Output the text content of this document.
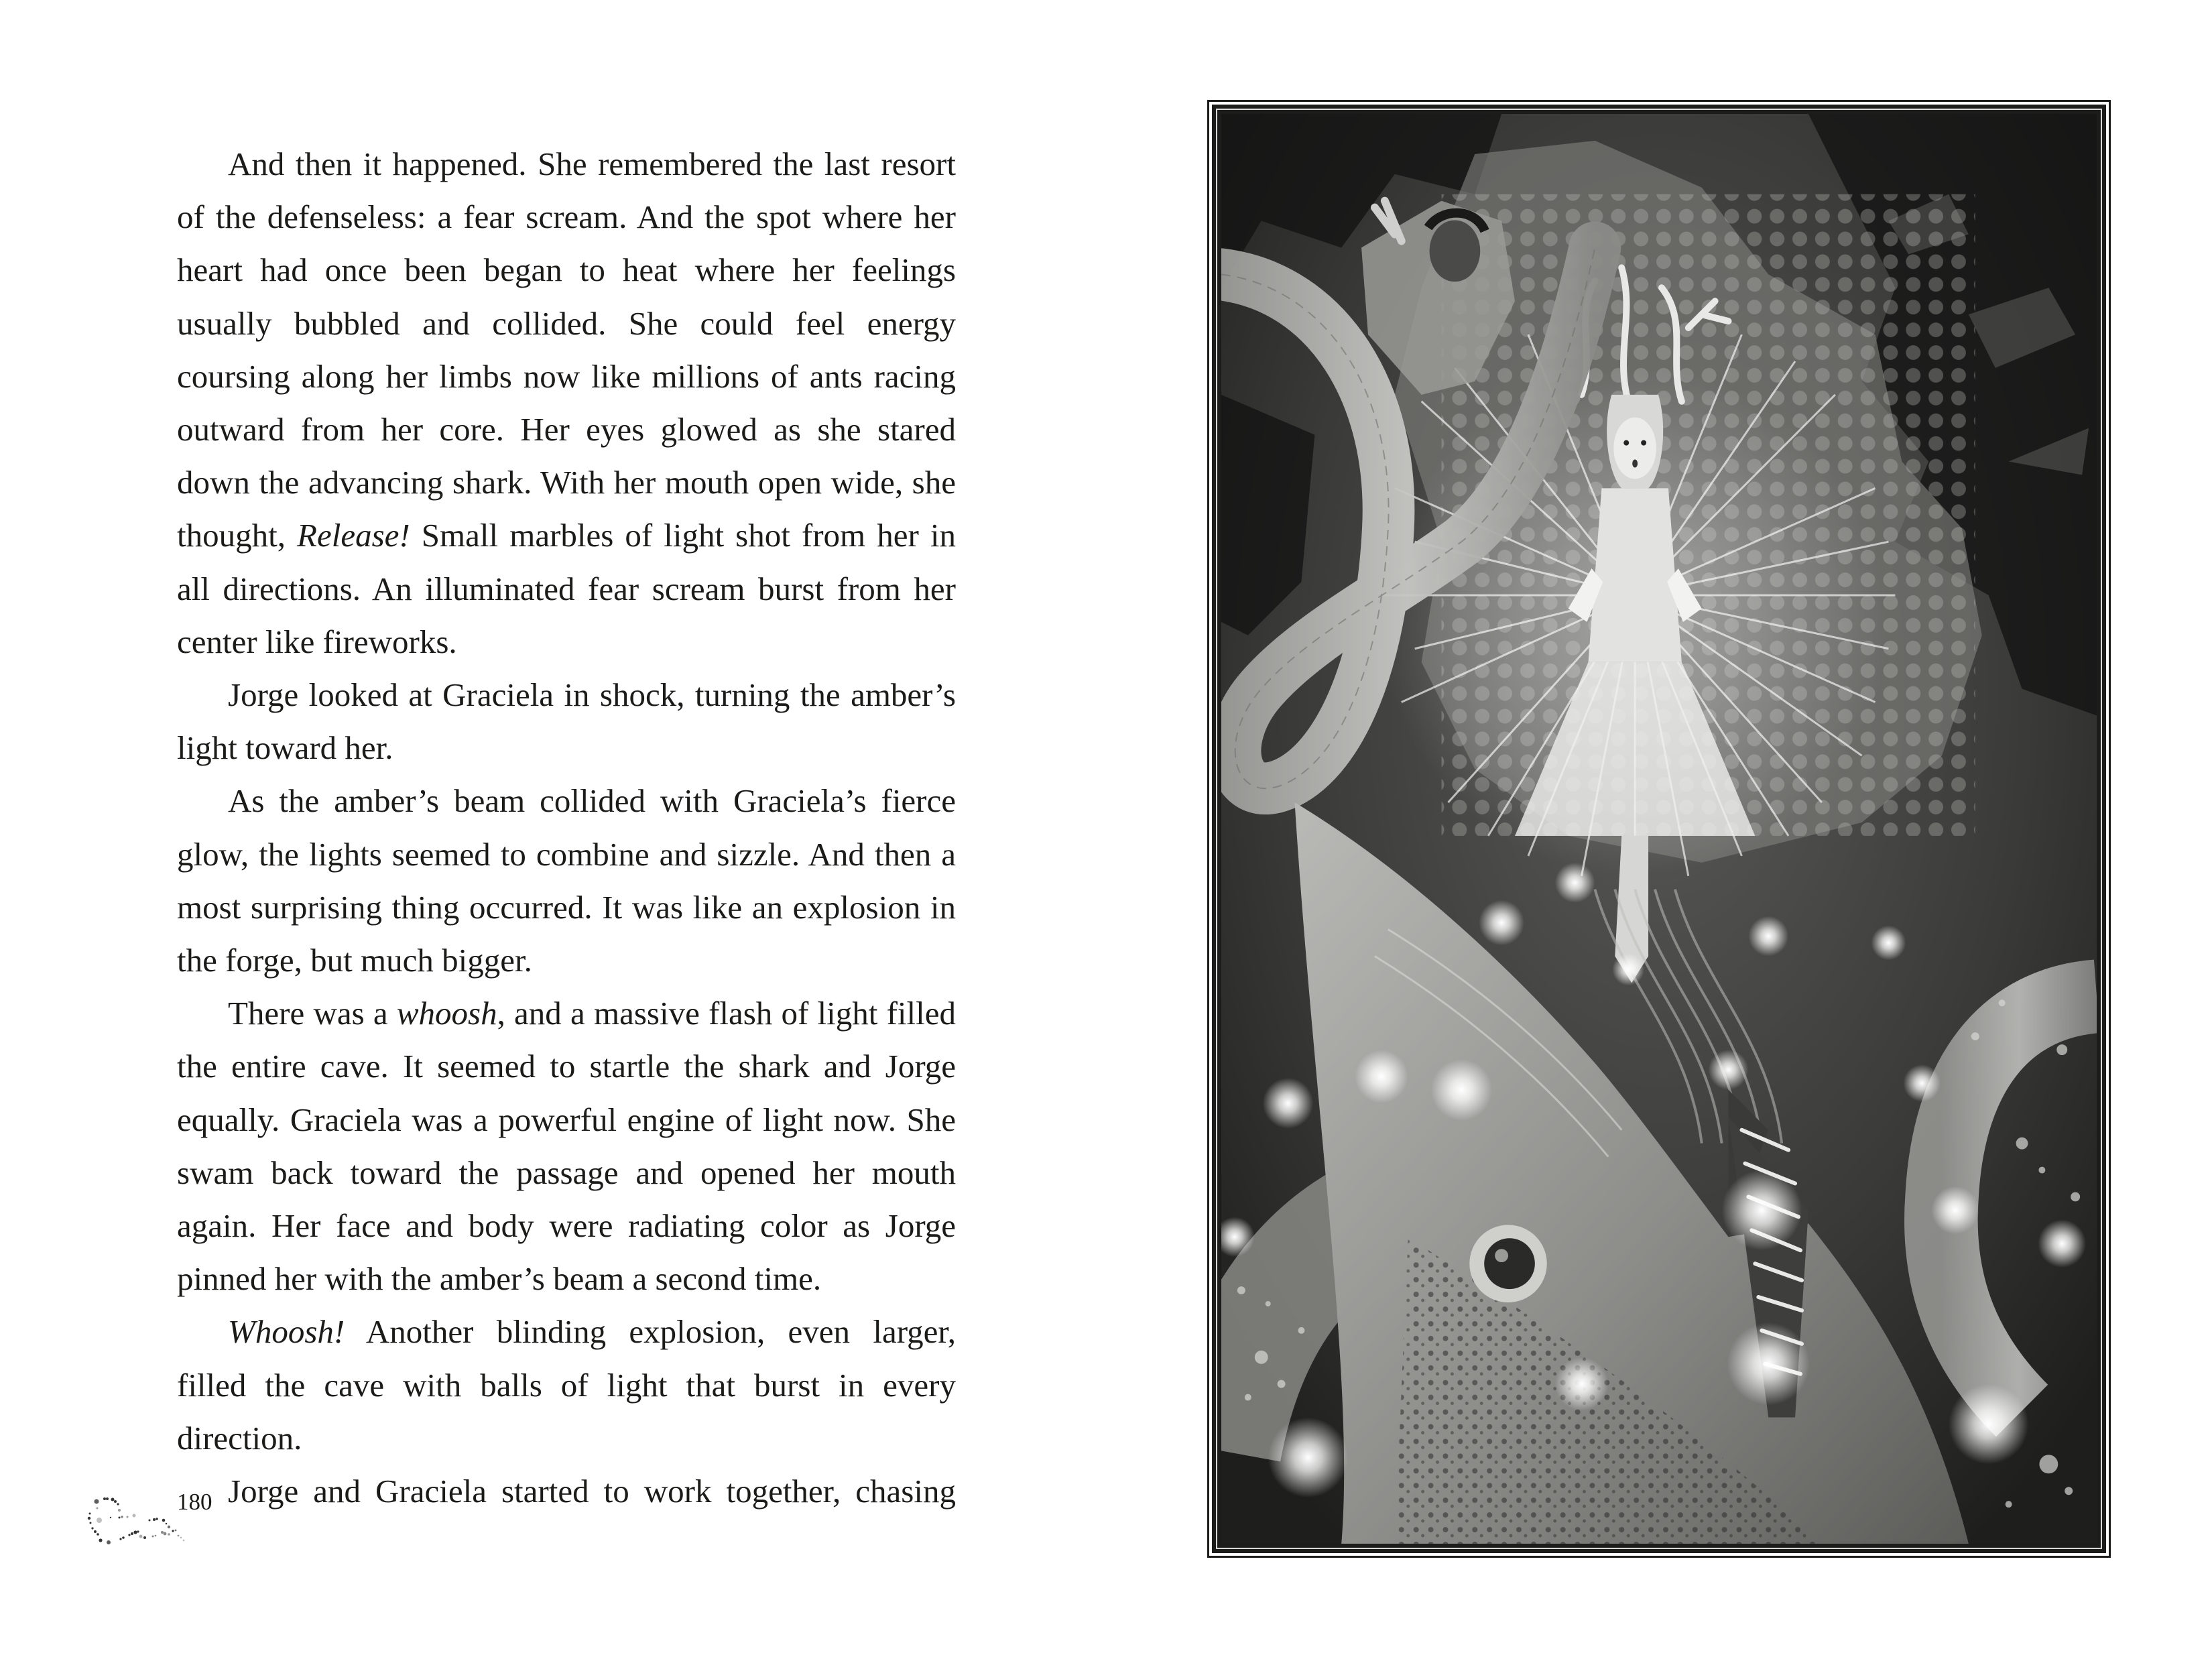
And then it happened. She remembered the last resort of the defenseless: a fear scream. And the spot where her heart had once been began to heat where her feelings usually bubbled and collided. She could feel energy coursing along her limbs now like millions of ants racing outward from her core. Her eyes glowed as she stared down the advancing shark. With her mouth open wide, she thought, Release! Small marbles of light shot from her in all directions. An illuminated fear scream burst from her center like fireworks.

Jorge looked at Graciela in shock, turning the amber’s light toward her.

As the amber’s beam collided with Graciela’s fierce glow, the lights seemed to combine and sizzle. And then a most surprising thing occurred. It was like an explosion in the forge, but much bigger.

There was a whoosh, and a massive flash of light filled the entire cave. It seemed to startle the shark and Jorge equally. Graciela was a powerful engine of light now. She swam back toward the passage and opened her mouth again. Her face and body were radiating color as Jorge pinned her with the amber’s beam a second time.

Whoosh! Another blinding explosion, even larger, filled the cave with balls of light that burst in every direction.

Jorge and Graciela started to work together, chasing

180
